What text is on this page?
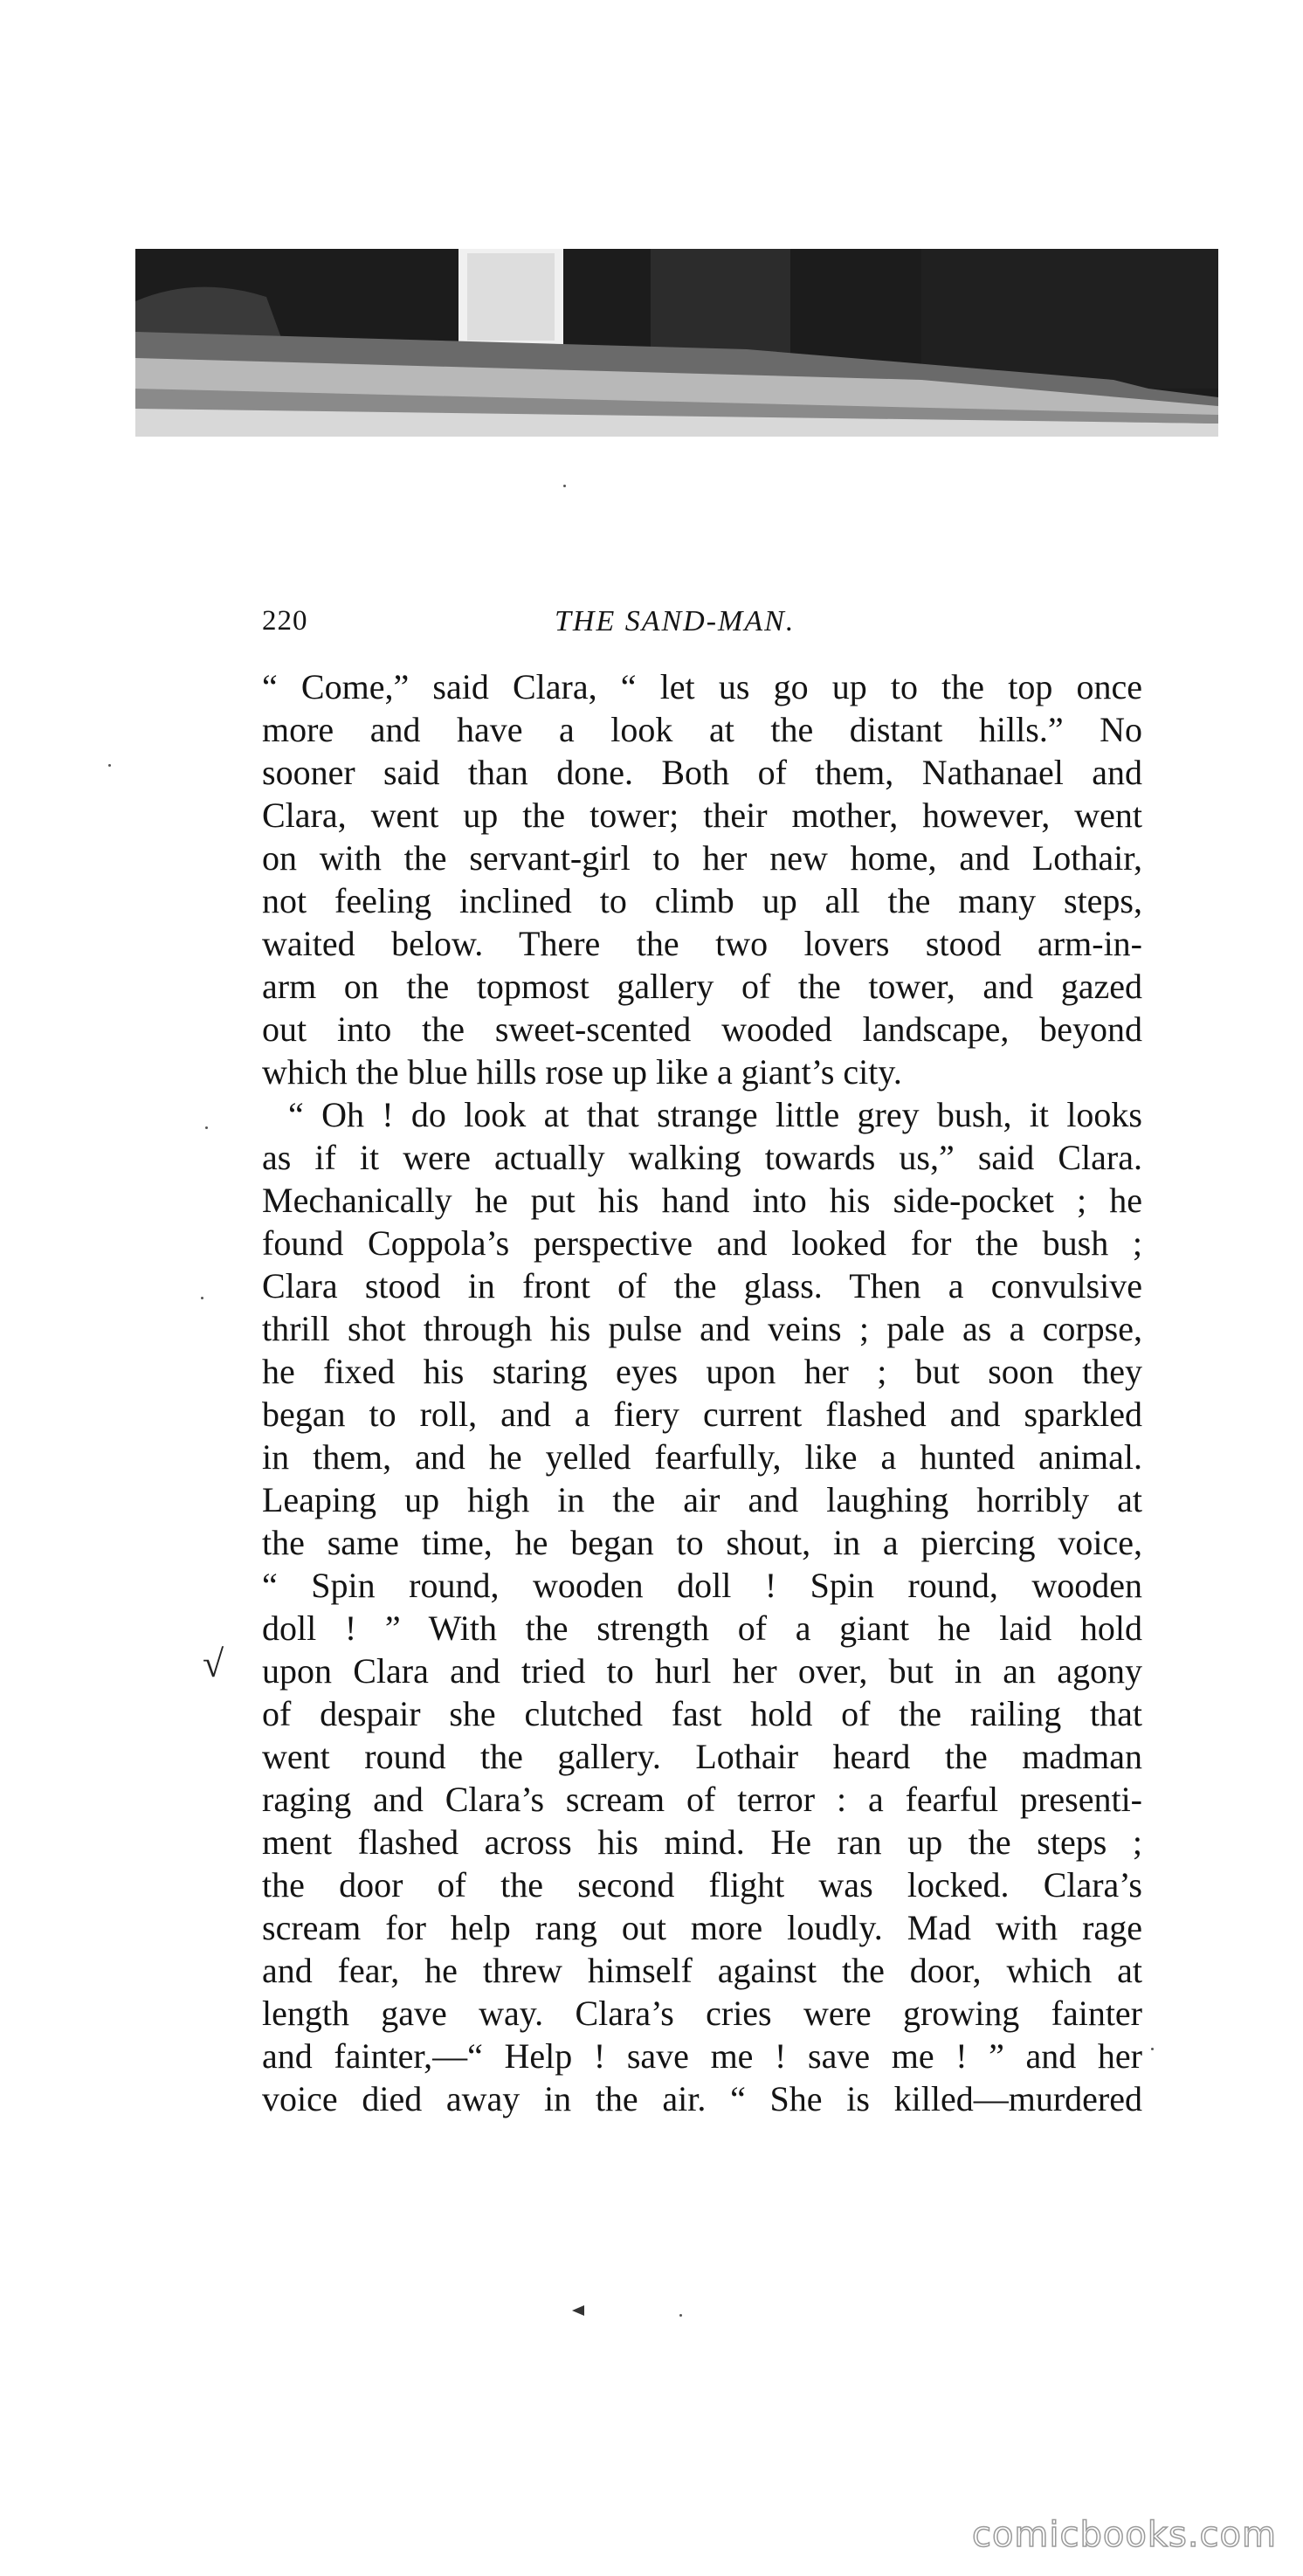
220	THE SAND-MAN.
“ Come,” said Clara, “ let us go up to the top once
more and have a look at the distant hills.” No
sooner said than done. Both of them, Nathanael and
Clara, went up the tower; their mother, however, went
on with the servant-girl to her new home, and Lothair,
not feeling inclined to climb up all the many steps,
waited below. There the two lovers stood arm-in-
arm on the topmost gallery of the tower, and gazed
out into the sweet-scented wooded landscape, beyond
which the blue hills rose up like a giant’s city.
“ Oh ! do look at that strange little grey bush, it looks
as if it were actually walking towards us,” said Clara.
Mechanically he put his hand into his side-pocket ; he
found Coppola’s perspective and looked for the bush ;
Clara stood in front of the glass. Then a convulsive
thrill shot through his pulse and veins ; pale as a corpse,
he fixed his staring eyes upon her ; but soon they
began to roll, and a fiery current flashed and sparkled
in them, and he yelled fearfully, like a hunted animal.
Leaping up high in the air and laughing horribly at
the same time, he began to shout, in a piercing voice,
“ Spin round, wooden doll ! Spin round, wooden
doll ! ” With the strength of a giant he laid hold
upon Clara and tried to hurl her over, but in an agony
of despair she clutched fast hold of the railing that
went round the gallery. Lothair heard the madman
raging and Clara’s scream of terror : a fearful presenti-
ment flashed across his mind. He ran up the steps ;
the door of the second flight was locked. Clara’s
scream for help rang out more loudly. Mad with rage
and fear, he threw himself against the door, which at
length gave way. Clara’s cries were growing fainter
and fainter,—“ Help ! save me ! save me ! ” and her
voice died away in the air. “ She is killed—murdered
√
comicbooks.com
